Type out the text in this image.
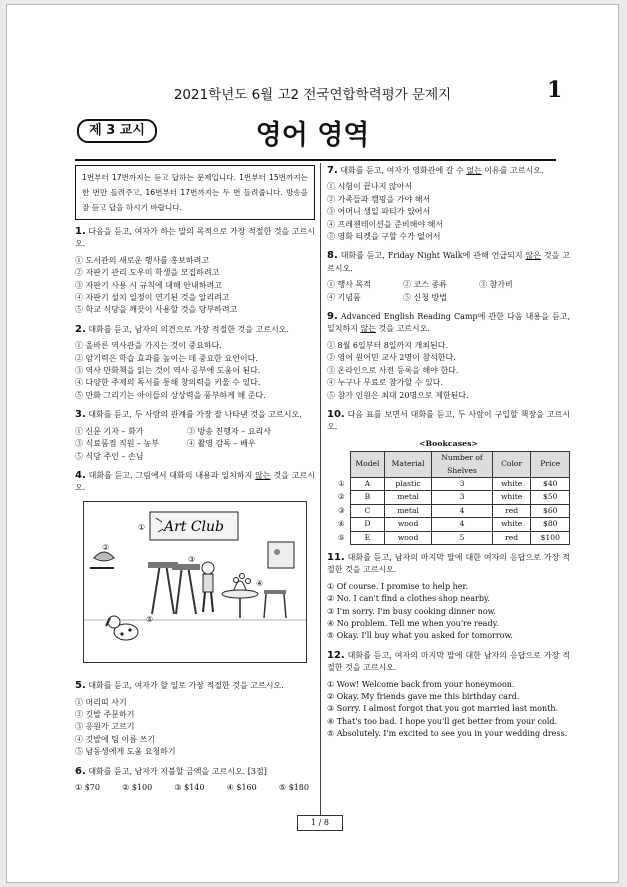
2021학년도 6월 고2 전국연합학력평가 문제지	1
제 3 교시	영어 영역
1번부터 17번까지는 듣고 답하는 문제입니다. 1번부터 15번까지는 한 번만 들려주고, 16번부터 17번까지는 두 번 들려줍니다. 방송을 잘 듣고 답을 하시기 바랍니다.
1. 다음을 듣고, 여자가 하는 말의 목적으로 가장 적절한 것을 고르시오.
① 도서관의 새로운 행사를 홍보하려고
② 자판기 관리 도우미 학생을 모집하려고
③ 자판기 사용 시 규칙에 대해 안내하려고
④ 자판기 설치 일정이 연기된 것을 알리려고
⑤ 학교 식당을 깨끗이 사용할 것을 당부하려고
2. 대화를 듣고, 남자의 의견으로 가장 적절한 것을 고르시오.
① 올바른 역사관을 가지는 것이 중요하다.
② 암기력은 학습 효과를 높이는 데 중요한 요인이다.
③ 역사 만화책을 읽는 것이 역사 공부에 도움이 된다.
④ 다양한 주제의 독서를 통해 창의력을 키울 수 있다.
⑤ 만화 그리기는 아이들의 상상력을 풍부하게 해 준다.
3. 대화를 듣고, 두 사람의 관계를 가장 잘 나타낸 것을 고르시오.
① 신문 기자 – 화가	② 방송 진행자 – 요리사
③ 식료품점 직원 – 농부	④ 촬영 감독 – 배우
⑤ 식당 주인 – 손님
4. 대화를 듣고, 그림에서 대화의 내용과 일치하지 않는 것을 고르시오.
Art Club
①
②
③
④
⑤
5. 대화를 듣고, 여자가 할 일로 가장 적절한 것을 고르시오.
① 머리띠 사기
② 깃발 주문하기
③ 응원가 고르기
④ 깃발에 팀 이름 쓰기
⑤ 남동생에게 도움 요청하기
6. 대화를 듣고, 남자가 지불할 금액을 고르시오. [3점]
① $70	② $100	③ $140	④ $160	⑤ $180
7. 대화를 듣고, 여자가 영화관에 갈 수 없는 이유를 고르시오.
① 시험이 끝나지 않아서
② 가족들과 캠핑을 가야 해서
③ 어머니 생일 파티가 있어서
④ 프레젠테이션을 준비해야 해서
⑤ 영화 티켓을 구할 수가 없어서
8. 대화를 듣고, Friday Night Walk에 관해 언급되지 않은 것을 고르시오.
① 행사 목적	② 코스 종류	③ 참가비
④ 기념품	⑤ 신청 방법
9. Advanced English Reading Camp에 관한 다음 내용을 듣고, 일치하지 않는 것을 고르시오.
① 8월 6일부터 8일까지 개최된다.
② 영어 원어민 교사 2명이 참석한다.
③ 온라인으로 사전 등록을 해야 한다.
④ 누구나 무료로 참가할 수 있다.
⑤ 참가 인원은 최대 20명으로 제한된다.
10. 다음 표를 보면서 대화를 듣고, 두 사람이 구입할 책장을 고르시오.
<Bookcases>
	Model	Material	Number of Shelves	Color	Price
①	A	plastic	3	white	$40
②	B	metal	3	white	$50
③	C	metal	4	red	$60
④	D	wood	4	white	$80
⑤	E	wood	5	red	$100
11. 대화를 듣고, 남자의 마지막 말에 대한 여자의 응답으로 가장 적절한 것을 고르시오.
① Of course. I promise to help her.
② No. I can't find a clothes shop nearby.
③ I'm sorry. I'm busy cooking dinner now.
④ No problem. Tell me when you're ready.
⑤ Okay. I'll buy what you asked for tomorrow.
12. 대화를 듣고, 여자의 마지막 말에 대한 남자의 응답으로 가장 적절한 것을 고르시오.
① Wow! Welcome back from your honeymoon.
② Okay. My friends gave me this birthday card.
③ Sorry. I almost forgot that you got married last month.
④ That's too bad. I hope you'll get better from your cold.
⑤ Absolutely. I'm excited to see you in your wedding dress.
1 / 8
